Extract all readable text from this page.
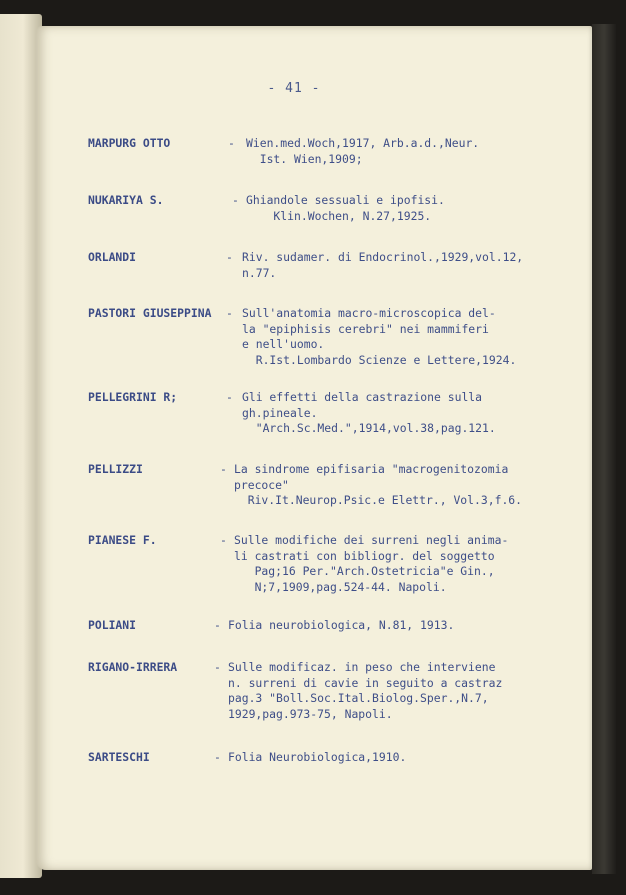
- 41 -
MARPURG OTTO	- Wien.med.Woch,1917, Arb.a.d.,Neur.
Ist. Wien,1909;
NUKARIYA S.	- Ghiandole sessuali e ipofisi.
Klin.Wochen, N.27,1925.
ORLANDI	- Riv. sudamer. di Endocrinol.,1929,vol.12,
n.77.
PASTORI GIUSEPPINA - Sull'anatomia macro-microscopica del-
la "epiphisis cerebri" nei mammiferi
e nell'uomo.
R.Ist.Lombardo Scienze e Lettere,1924.
PELLEGRINI R;	- Gli effetti della castrazione sulla
gh.pineale.
"Arch.Sc.Med.",1914,vol.38,pag.121.
PELLIZZI	- La sindrome epifisaria "macrogenitozomia
precoce"
Riv.It.Neurop.Psic.e Elettr., Vol.3,f.6.
PIANESE F.	- Sulle modifiche dei surreni negli anima-
li castrati con bibliogr. del soggetto
Pag;16 Per."Arch.Ostetricia"e Gin.,
N;7,1909,pag.524-44. Napoli.
POLIANI	- Folia neurobiologica, N.81, 1913.
RIGANO-IRRERA	- Sulle modificaz. in peso che interviene
n. surreni di cavie in seguito a castraz
pag.3 "Boll.Soc.Ital.Biolog.Sper.,N.7,
1929,pag.973-75, Napoli.
SARTESCHI	- Folia Neurobiologica,1910.
